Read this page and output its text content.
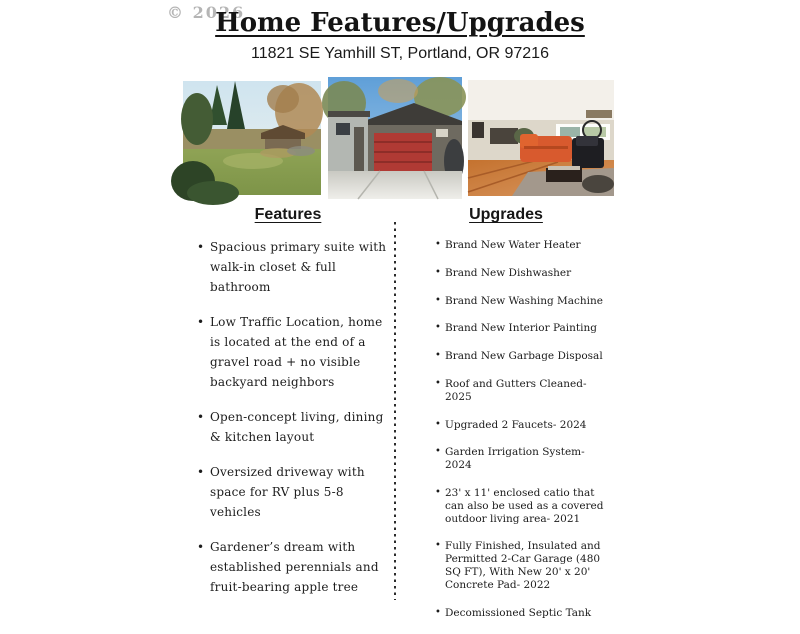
© 2026
Home Features/Upgrades
11821 SE Yamhill ST, Portland, OR 97216
Features
• Spacious primary suite with walk-in closet & full bathroom
• Low Traffic Location, home is located at the end of a gravel road + no visible backyard neighbors
• Open-concept living, dining & kitchen layout
• Oversized driveway with space for RV plus 5-8 vehicles
• Gardener’s dream with established perennials and fruit-bearing apple tree
Upgrades
• Brand New Water Heater
• Brand New Dishwasher
• Brand New Washing Machine
• Brand New Interior Painting
• Brand New Garbage Disposal
• Roof and Gutters Cleaned- 2025
• Upgraded 2 Faucets- 2024
• Garden Irrigation System- 2024
• 23' x 11' enclosed catio that can also be used as a covered outdoor living area- 2021
• Fully Finished, Insulated and Permitted 2-Car Garage (480 SQ FT), With New 20' x 20' Concrete Pad- 2022
• Decomissioned Septic Tank
